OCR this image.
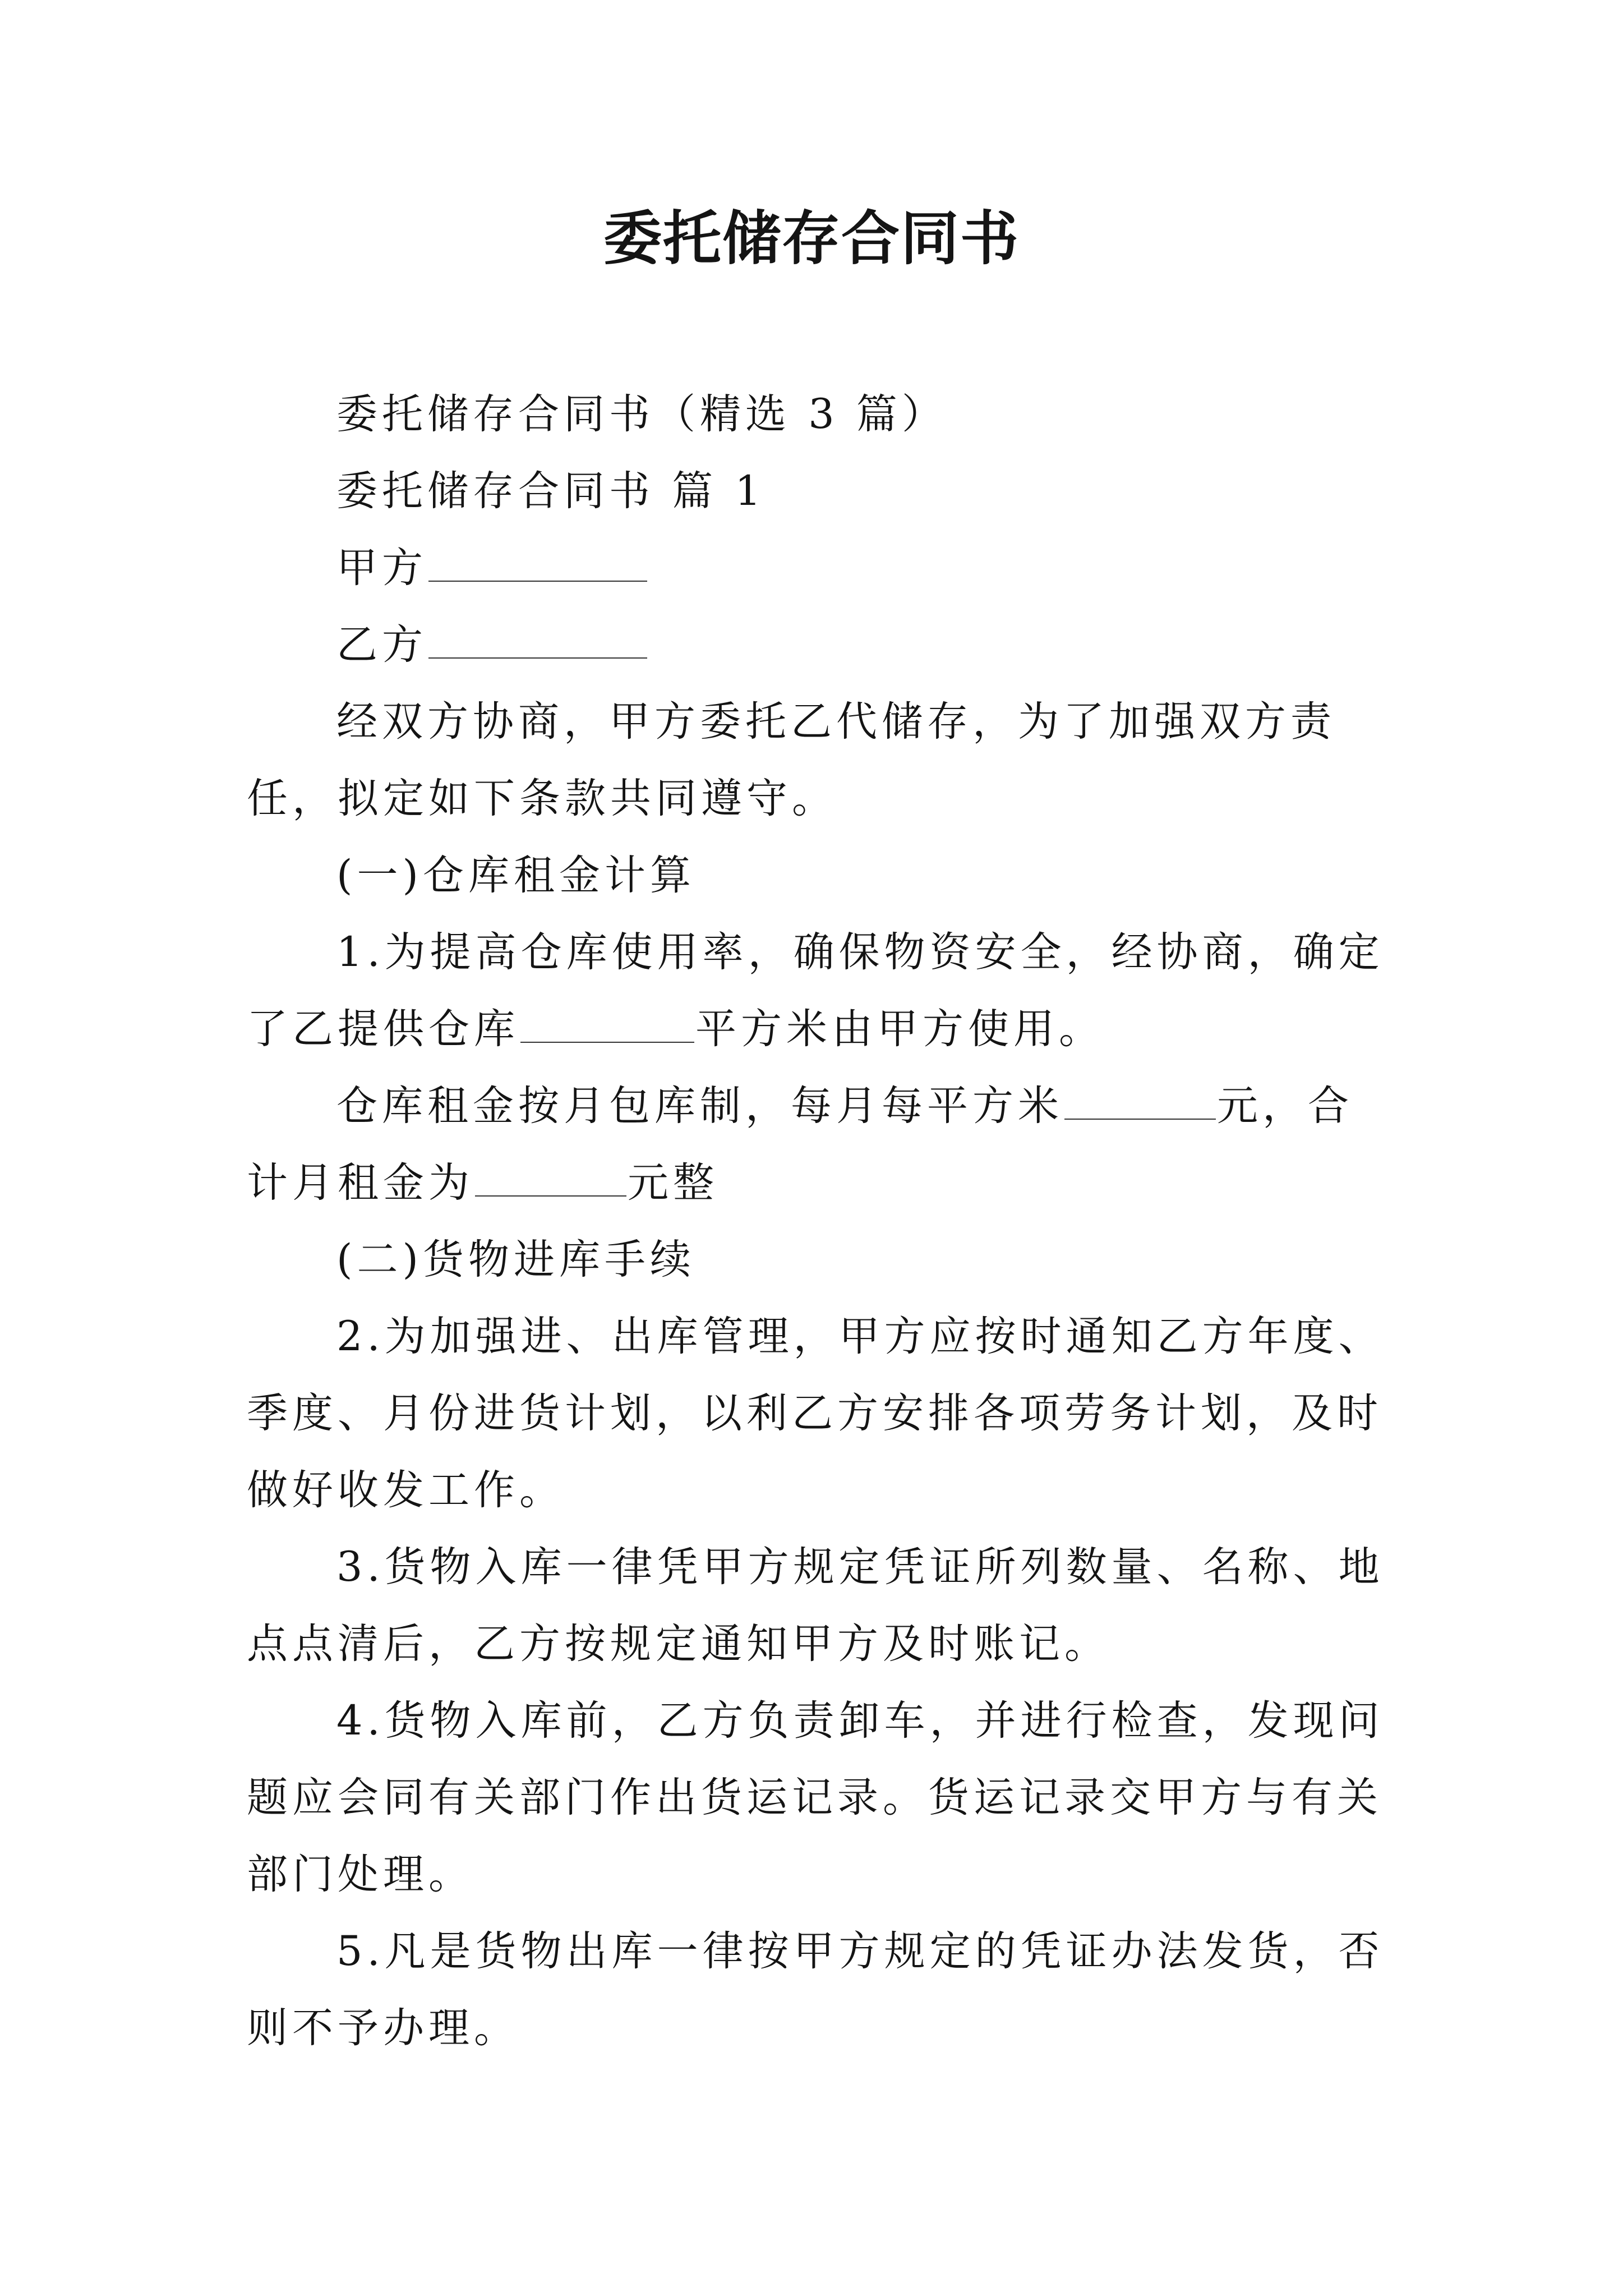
委托储存合同书

委托储存合同书（精选 3 篇）

委托储存合同书 篇 1

甲方

乙方

经双方协商，甲方委托乙代储存，为了加强双方责任，拟定如下条款共同遵守。

(一)仓库租金计算

1.为提高仓库使用率，确保物资安全，经协商，确定了乙提供仓库	平方米由甲方使用。

仓库租金按月包库制，每月每平方米	元，合计月租金为	元整

(二)货物进库手续

2.为加强进、出库管理，甲方应按时通知乙方年度、季度、月份进货计划，以利乙方安排各项劳务计划，及时做好收发工作。

3.货物入库一律凭甲方规定凭证所列数量、名称、地点点清后，乙方按规定通知甲方及时账记。

4.货物入库前，乙方负责卸车，并进行检查，发现问题应会同有关部门作出货运记录。货运记录交甲方与有关部门处理。

5.凡是货物出库一律按甲方规定的凭证办法发货，否则不予办理。
